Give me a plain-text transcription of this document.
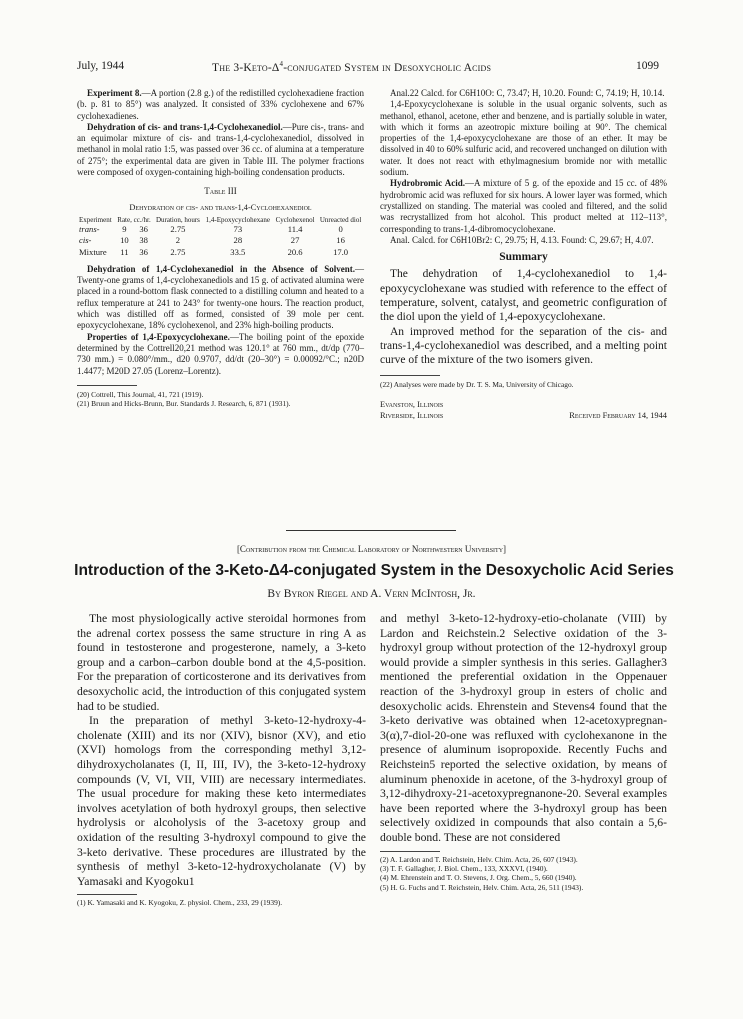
July, 1944	The $3-Keto-\Delta^4$-conjugated System in Desoxycholic Acids	1099

Experiment 8.—A portion (2.8 g.) of the redistilled cyclohexadiene fraction (b. p. 81 to 85°) was analyzed. It consisted of 33% cyclohexene and 67% cyclohexadienes.

Dehydration of cis- and trans-1,4-Cyclohexanediol.—Pure cis-, trans- and an equimolar mixture of cis- and trans-1,4-cyclohexanediol, dissolved in methanol in molal ratio 1:5, was passed over 36 cc. of alumina at a temperature of 275°; the experimental data are given in Table III. The polymer fractions were composed of oxygen-containing high-boiling condensation products.

Table III
Dehydration of cis- and trans-1,4-Cyclohexanediol
Experiment	Rate, cc./hr.		Duration, hours	1,4-Epoxycyclohexane	Cyclohexenol	Unreacted diol
trans-	9	36	2.75	73	11.4	0
cis-	10	38	2	28	27	16
Mixture	11	36	2.75	33.5	20.6	17.0

Dehydration of 1,4-Cyclohexanediol in the Absence of Solvent.—Twenty-one grams of 1,4-cyclohexanediols and 15 g. of activated alumina were placed in a round-bottom flask connected to a distilling column and heated to a reflux temperature at 241 to 243° for twenty-one hours. The reaction product, which was distilled off as formed, consisted of 39 mole per cent. epoxycyclohexane, 18% cyclohexenol, and 23% high-boiling products.

Properties of 1,4-Epoxycyclohexane.—The boiling point of the epoxide determined by the Cottrell20,21 method was 120.1° at 760 mm., dt/dp (770–730 mm.) = 0.080°/mm., d20 0.9707, dd/dt (20–30°) = 0.00092/°C.; n20D 1.4477; M20D 27.05 (Lorenz–Lorentz).

(20) Cottrell, This Journal, 41, 721 (1919).

(21) Bruun and Hicks-Brunn, Bur. Standards J. Research, 6, 871 (1931).

Anal.22 Calcd. for C6H10O: C, 73.47; H, 10.20. Found: C, 74.19; H, 10.14.

1,4-Epoxycyclohexane is soluble in the usual organic solvents, such as methanol, ethanol, acetone, ether and benzene, and is partially soluble in water, with which it forms an azeotropic mixture boiling at 90°. The chemical properties of the 1,4-epoxycyclohexane are those of an ether. It may be dissolved in 40 to 60% sulfuric acid, and recovered unchanged on dilution with water. It does not react with ethylmagnesium bromide nor with metallic sodium.

Hydrobromic Acid.—A mixture of 5 g. of the epoxide and 15 cc. of 48% hydrobromic acid was refluxed for six hours. A lower layer was formed, which crystallized on standing. The material was cooled and filtered, and the solid was recrystallized from hot alcohol. This product melted at 112–113°, corresponding to trans-1,4-dibromocyclohexane.

Anal. Calcd. for C6H10Br2: C, 29.75; H, 4.13. Found: C, 29.67; H, 4.07.

Summary

The dehydration of 1,4-cyclohexanediol to 1,4-epoxycyclohexane was studied with reference to the effect of temperature, solvent, catalyst, and geometric configuration of the diol upon the yield of 1,4-epoxycyclohexane.

An improved method for the separation of the cis- and trans-1,4-cyclohexanediol was described, and a melting point curve of the mixture of the two isomers given.

(22) Analyses were made by Dr. T. S. Ma, University of Chicago.

Evanston, Illinois
Riverside, Illinois	Received February 14, 1944
[Contribution from the Chemical Laboratory of Northwestern University]
Introduction of the 3-Keto-Δ4-conjugated System in the Desoxycholic Acid Series
By Byron Riegel and A. Vern McIntosh, Jr.

The most physiologically active steroidal hormones from the adrenal cortex possess the same structure in ring A as found in testosterone and progesterone, namely, a 3-keto group and a carbon–carbon double bond at the 4,5-position. For the preparation of corticosterone and its derivatives from desoxycholic acid, the introduction of this conjugated system had to be studied.

In the preparation of methyl 3-keto-12-hydroxy-4-cholenate (XIII) and its nor (XIV), bisnor (XV), and etio (XVI) homologs from the corresponding methyl 3,12-dihydroxycholanates (I, II, III, IV), the 3-keto-12-hydroxy compounds (V, VI, VII, VIII) are necessary intermediates. The usual procedure for making these keto intermediates involves acetylation of both hydroxyl groups, then selective hydrolysis or alcoholysis of the 3-acetoxy group and oxidation of the resulting 3-hydroxyl compound to give the 3-keto derivative. These procedures are illustrated by the synthesis of methyl 3-keto-12-hydroxycholanate (V) by Yamasaki and Kyogoku1

(1) K. Yamasaki and K. Kyogoku, Z. physiol. Chem., 233, 29 (1939).

and methyl 3-keto-12-hydroxy-etio-cholanate (VIII) by Lardon and Reichstein.2 Selective oxidation of the 3-hydroxyl group without protection of the 12-hydroxyl group would provide a simpler synthesis in this series. Gallagher3 mentioned the preferential oxidation in the Oppenauer reaction of the 3-hydroxyl group in esters of cholic and desoxycholic acids. Ehrenstein and Stevens4 found that the 3-keto derivative was obtained when 12-acetoxypregnan-3(α),7-diol-20-one was refluxed with cyclohexanone in the presence of aluminum isopropoxide. Recently Fuchs and Reichstein5 reported the selective oxidation, by means of aluminum phenoxide in acetone, of the 3-hydroxyl group of 3,12-dihydroxy-21-acetoxypregnanone-20. Several examples have been reported where the 3-hydroxyl group has been selectively oxidized in compounds that also contain a 5,6-double bond. These are not considered

(2) A. Lardon and T. Reichstein, Helv. Chim. Acta, 26, 607 (1943).

(3) T. F. Gallagher, J. Biol. Chem., 133, XXXVI, (1940).

(4) M. Ehrenstein and T. O. Stevens, J. Org. Chem., 5, 660 (1940).

(5) H. G. Fuchs and T. Reichstein, Helv. Chim. Acta, 26, 511 (1943).
